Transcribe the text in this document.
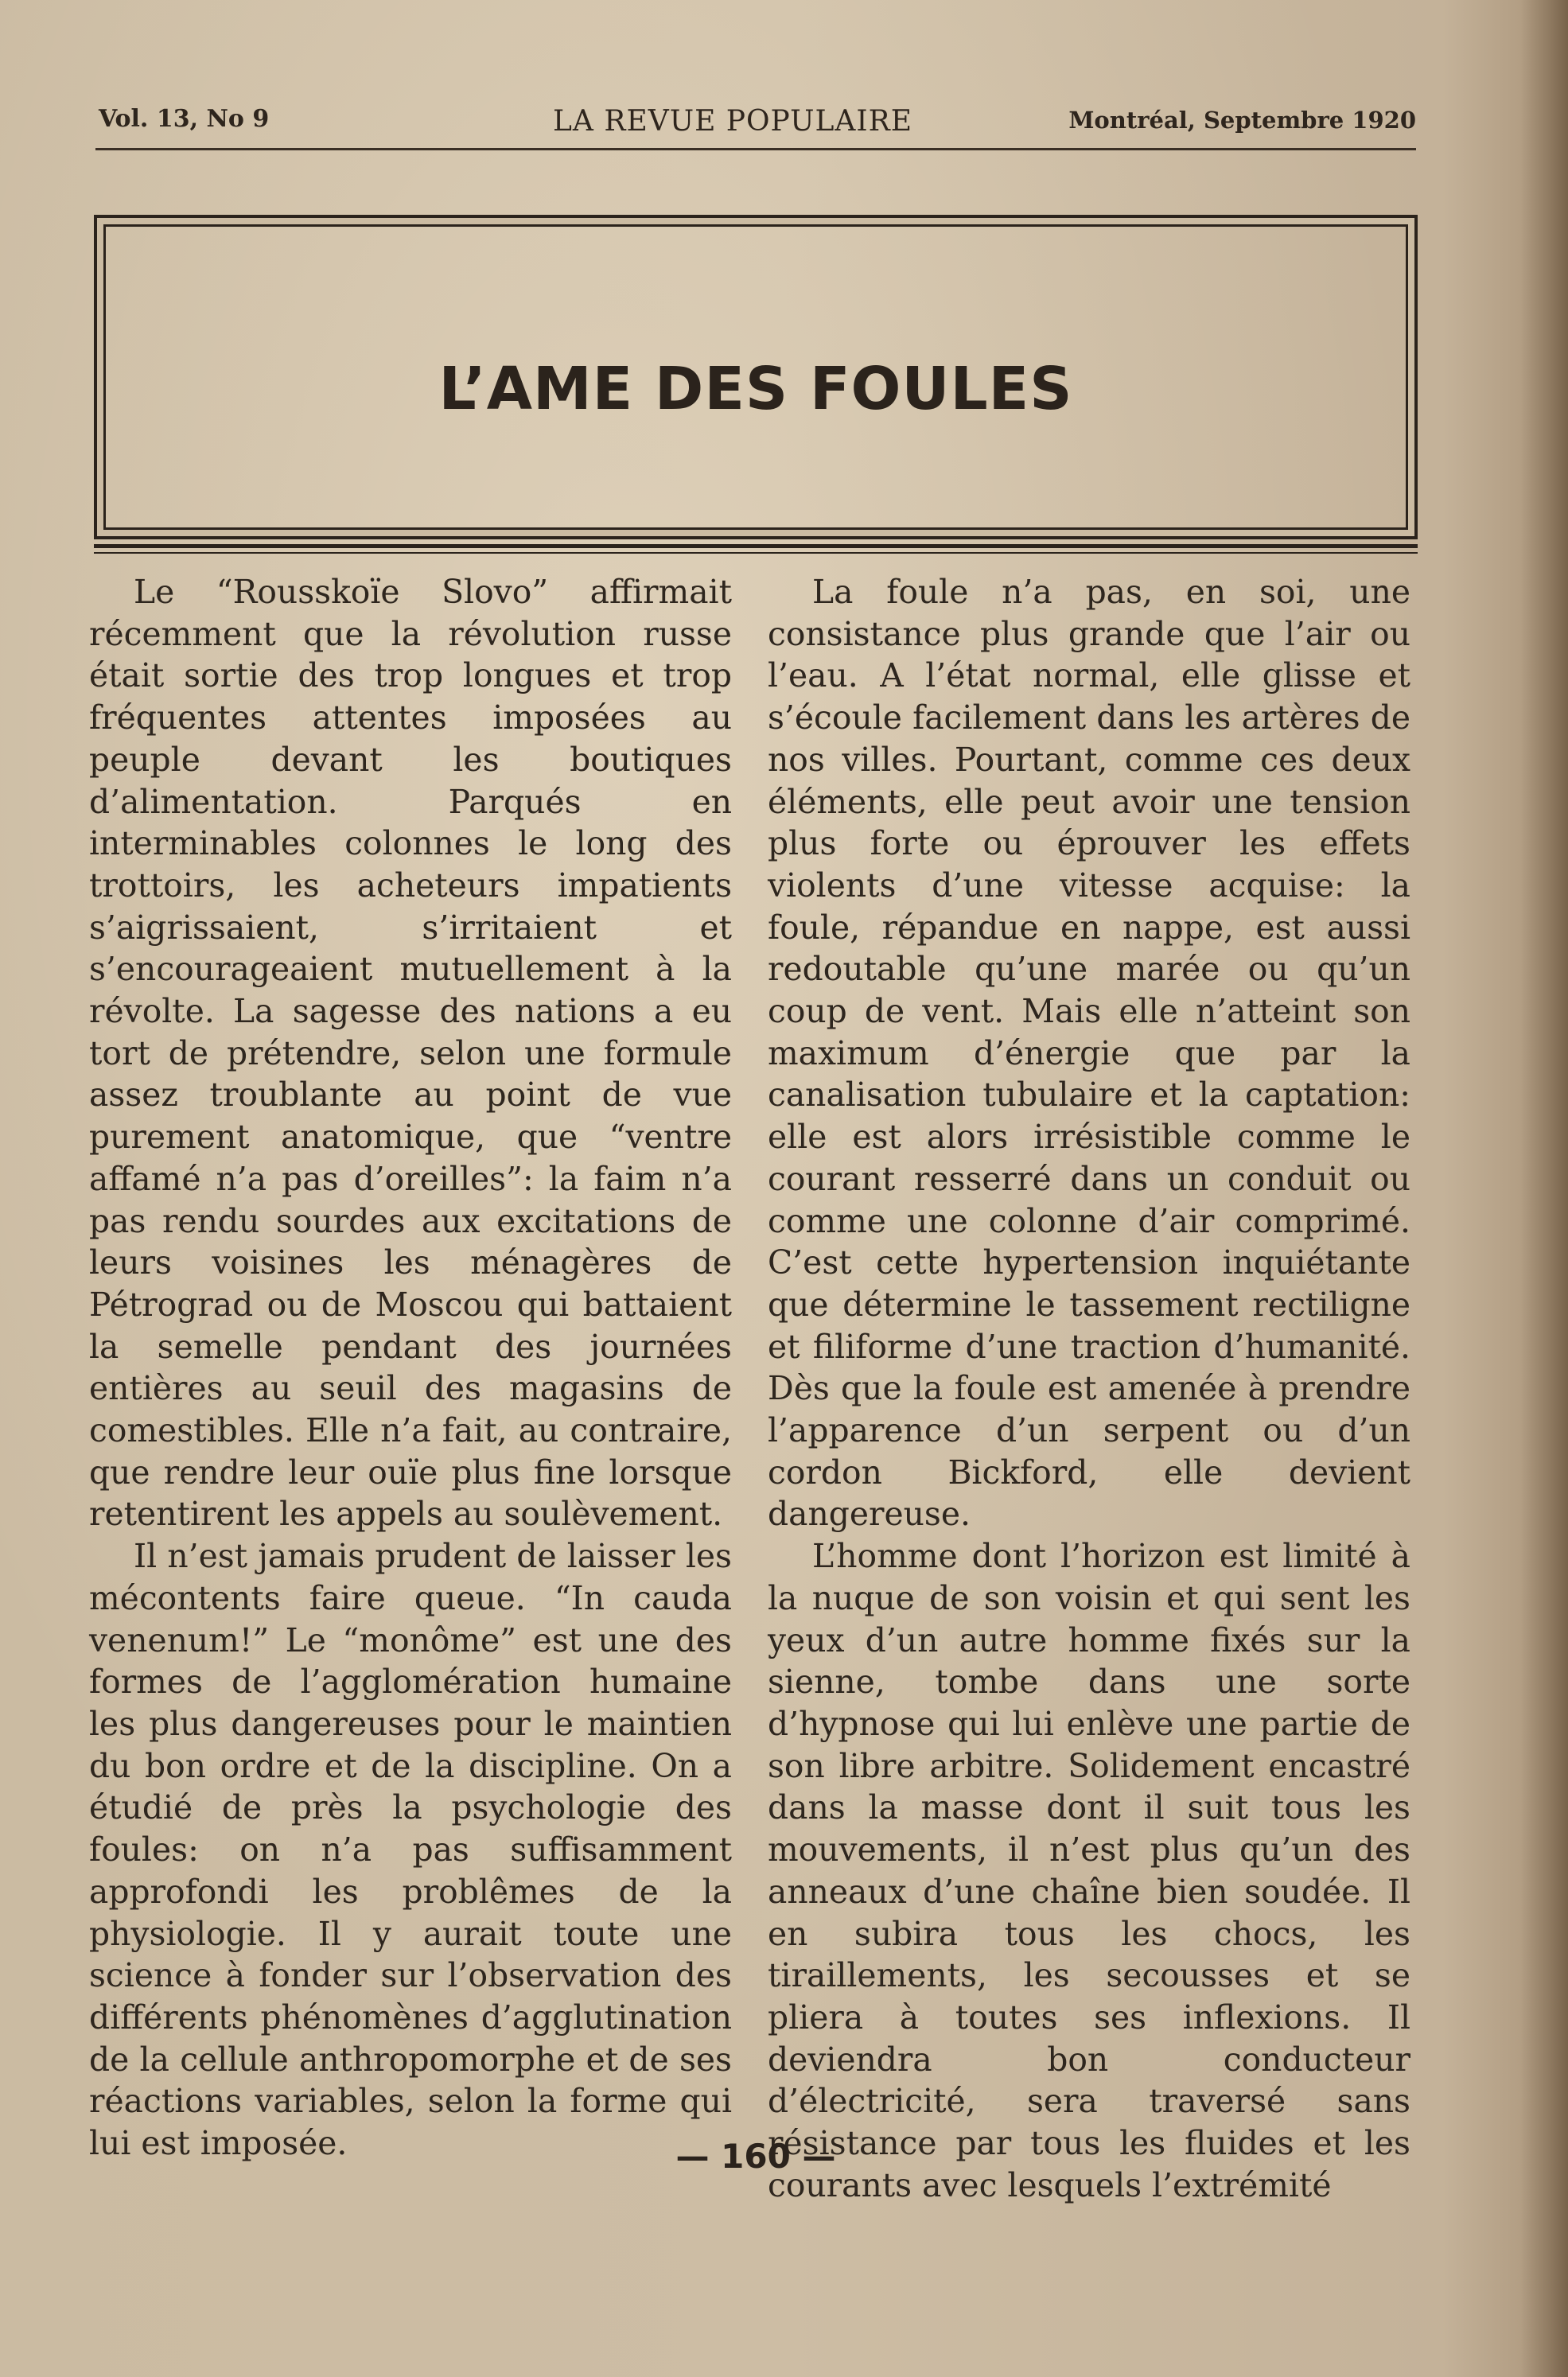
Vol. 13, No 9	LA REVUE POPULAIRE	Montréal, Septembre 1920
L’AME DES FOULES

Le “Rousskoïe Slovo” affirmait récemment que la révolution russe était sortie des trop longues et trop fréquentes attentes imposées au peuple devant les boutiques d’alimentation. Parqués en interminables colonnes le long des trottoirs, les acheteurs impatients s’aigrissaient, s’irritaient et s’encourageaient mutuellement à la révolte. La sagesse des nations a eu tort de prétendre, selon une formule assez troublante au point de vue purement anatomique, que “ventre affamé n’a pas d’oreilles”: la faim n’a pas rendu sourdes aux excitations de leurs voisines les ménagères de Pétrograd ou de Moscou qui battaient la semelle pendant des journées entières au seuil des magasins de comestibles. Elle n’a fait, au contraire, que rendre leur ouïe plus fine lorsque retentirent les appels au soulèvement.

Il n’est jamais prudent de laisser les mécontents faire queue. “In cauda venenum!” Le “monôme” est une des formes de l’agglomération humaine les plus dangereuses pour le maintien du bon ordre et de la discipline. On a étudié de près la psychologie des foules: on n’a pas suffisamment approfondi les problêmes de la physiologie. Il y aurait toute une science à fonder sur l’observation des différents phénomènes d’agglutination de la cellule anthropomorphe et de ses réactions variables, selon la forme qui lui est imposée.

La foule n’a pas, en soi, une consistance plus grande que l’air ou l’eau. A l’état normal, elle glisse et s’écoule facilement dans les artères de nos villes. Pourtant, comme ces deux éléments, elle peut avoir une tension plus forte ou éprouver les effets violents d’une vitesse acquise: la foule, répandue en nappe, est aussi redoutable qu’une marée ou qu’un coup de vent. Mais elle n’atteint son maximum d’énergie que par la canalisation tubulaire et la captation: elle est alors irrésistible comme le courant resserré dans un conduit ou comme une colonne d’air comprimé. C’est cette hypertension inquiétante que détermine le tassement rectiligne et filiforme d’une traction d’humanité. Dès que la foule est amenée à prendre l’apparence d’un serpent ou d’un cordon Bickford, elle devient dangereuse.

L’homme dont l’horizon est limité à la nuque de son voisin et qui sent les yeux d’un autre homme fixés sur la sienne, tombe dans une sorte d’hypnose qui lui enlève une partie de son libre arbitre. Solidement encastré dans la masse dont il suit tous les mouvements, il n’est plus qu’un des anneaux d’une chaîne bien soudée. Il en subira tous les chocs, les tiraillements, les secousses et se pliera à toutes ses inflexions. Il deviendra bon conducteur d’électricité, sera traversé sans résistance par tous les fluides et les courants avec lesquels l’extrémité

— 160 —
